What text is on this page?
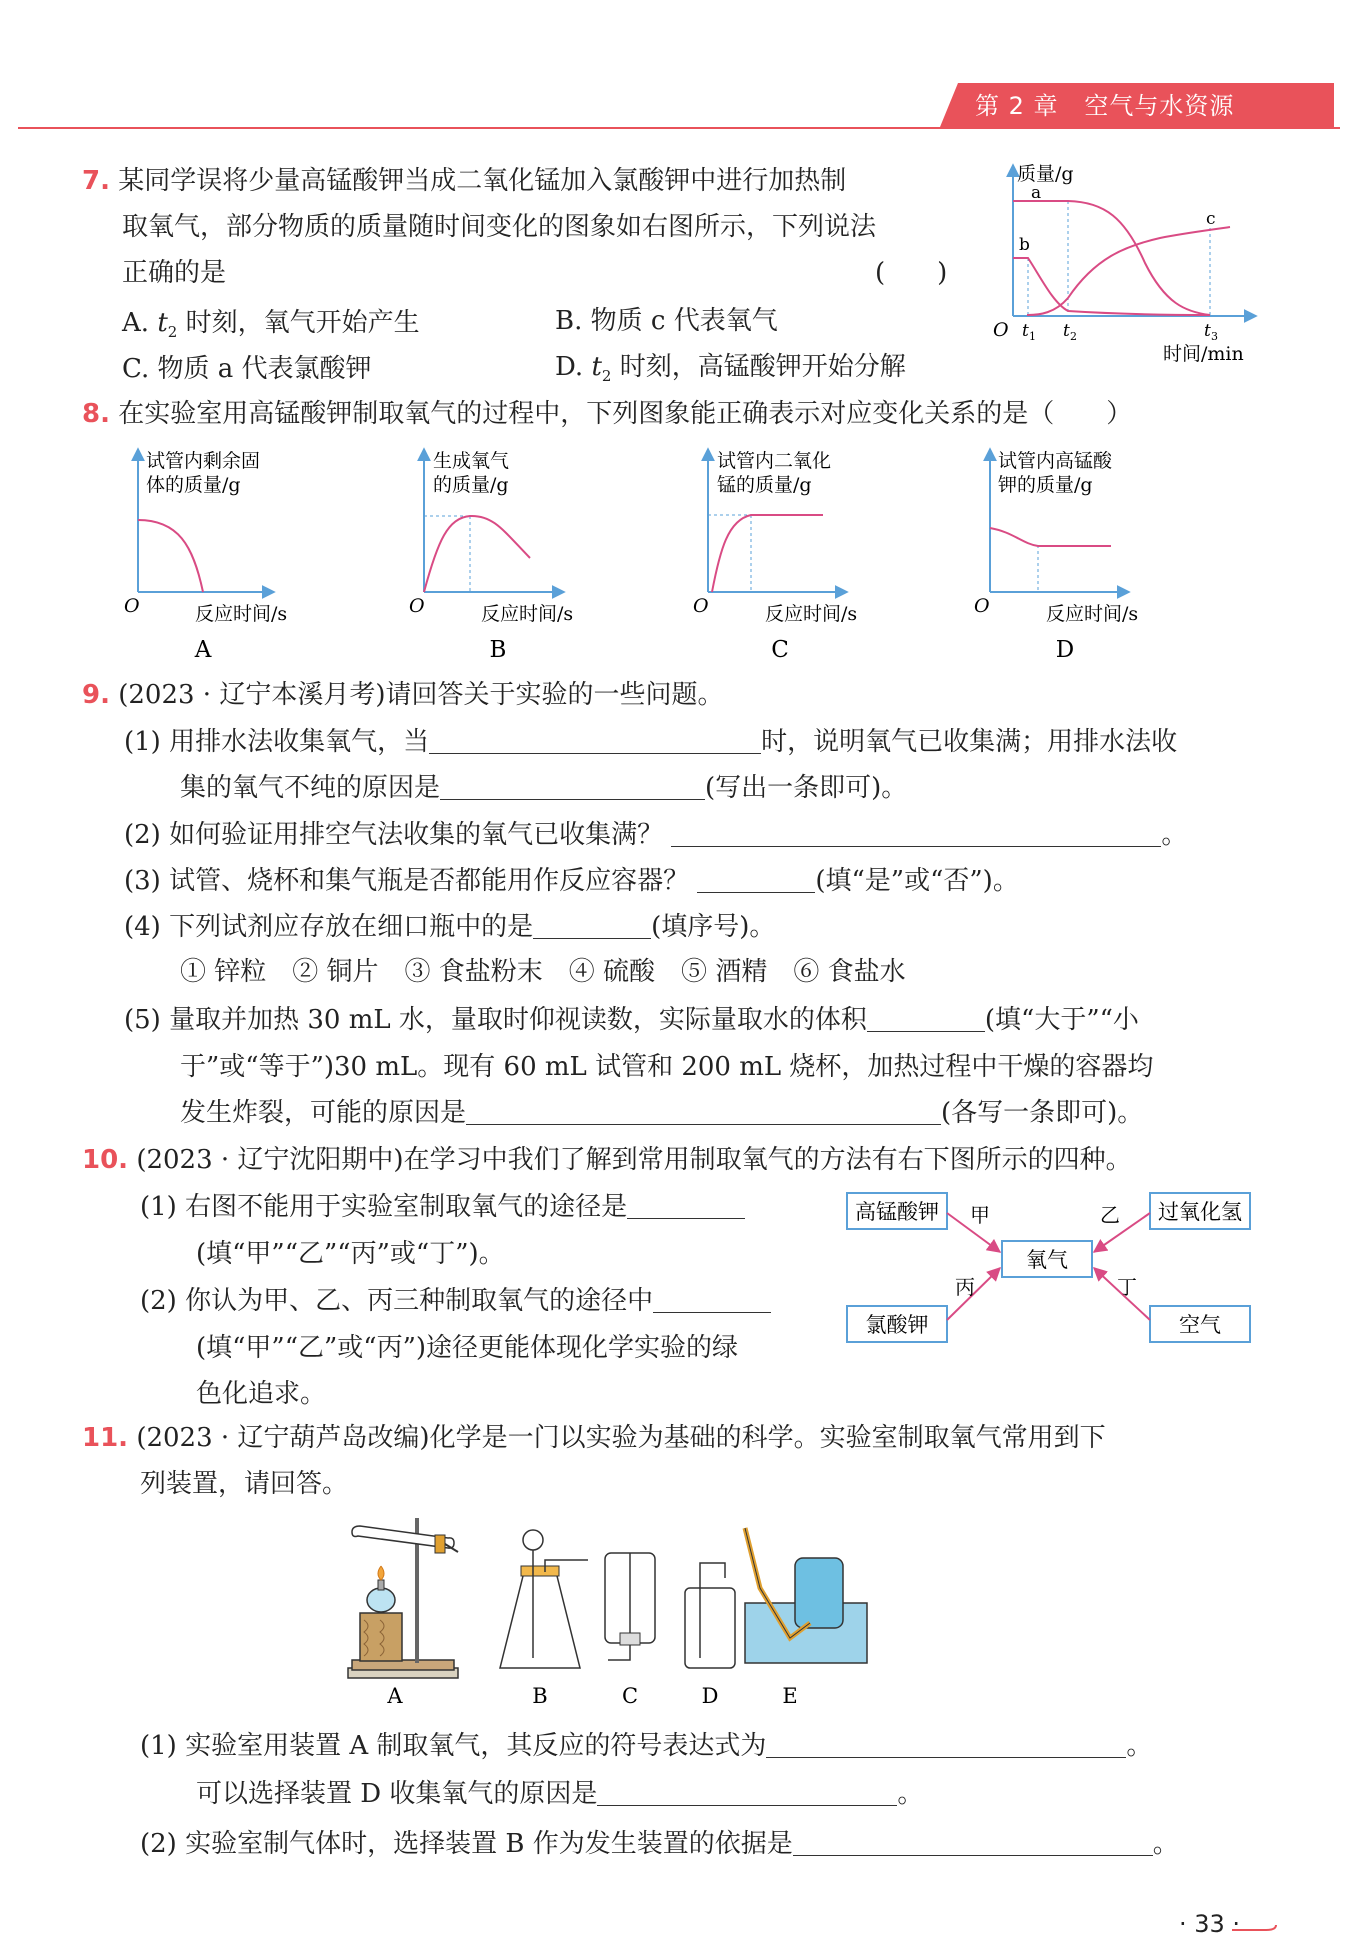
第 2 章 空气与水资源
7. 某同学误将少量高锰酸钾当成二氧化锰加入氯酸钾中进行加热制
取氧气，部分物质的质量随时间变化的图象如右图所示，下列说法
正确的是	(　　)
A. $t_2$ 时刻，氧气开始产生	B. 物质 c 代表氧气
C. 物质 a 代表氯酸钾	D. $t_2$ 时刻，高锰酸钾开始分解
质量/g
a
b
c
O t 1 t 2	t 3
时间/min
8. 在实验室用高锰酸钾制取氧气的过程中，下列图象能正确表示对应变化关系的是（　　）
试管内剩余固
体的质量/g
O	反应时间/s
A
生成氧气
的质量/g
O	反应时间/s
B
试管内二氧化
锰的质量/g
O	反应时间/s
C
试管内高锰酸
钾的质量/g
O	反应时间/s
D
9. (2023 · 辽宁本溪月考)请回答关于实验的一些问题。
(1) 用排水法收集氧气，当	时，说明氧气已收集满；用排水法收
集的氧气不纯的原因是	(写出一条即可)。
(2) 如何验证用排空气法收集的氧气已收集满？	。
(3) 试管、烧杯和集气瓶是否都能用作反应容器？	(填“是”或“否”)。
(4) 下列试剂应存放在细口瓶中的是	(填序号)。
① 锌粒　② 铜片　③ 食盐粉末　④ 硫酸　⑤ 酒精　⑥ 食盐水
(5) 量取并加热 30 mL 水，量取时仰视读数，实际量取水的体积	(填“大于”“小
于”或“等于”)30 mL。现有 60 mL 试管和 200 mL 烧杯，加热过程中干燥的容器均
发生炸裂，可能的原因是	(各写一条即可)。
10. (2023 · 辽宁沈阳期中)在学习中我们了解到常用制取氧气的方法有右下图所示的四种。
(1) 右图不能用于实验室制取氧气的途径是
(填“甲”“乙”“丙”或“丁”)。
(2) 你认为甲、乙、丙三种制取氧气的途径中
(填“甲”“乙”或“丙”)途径更能体现化学实验的绿
色化追求。
高锰酸钾	过氧化氢
氧气
氯酸钾	空气
甲	乙
丙	丁
11. (2023 · 辽宁葫芦岛改编)化学是一门以实验为基础的科学。实验室制取氧气常用到下
列装置，请回答。
A	B	C	D	E
(1) 实验室用装置 A 制取氧气，其反应的符号表达式为	。
可以选择装置 D 收集氧气的原因是	。
(2) 实验室制气体时，选择装置 B 作为发生装置的依据是	。
· 33 ·
